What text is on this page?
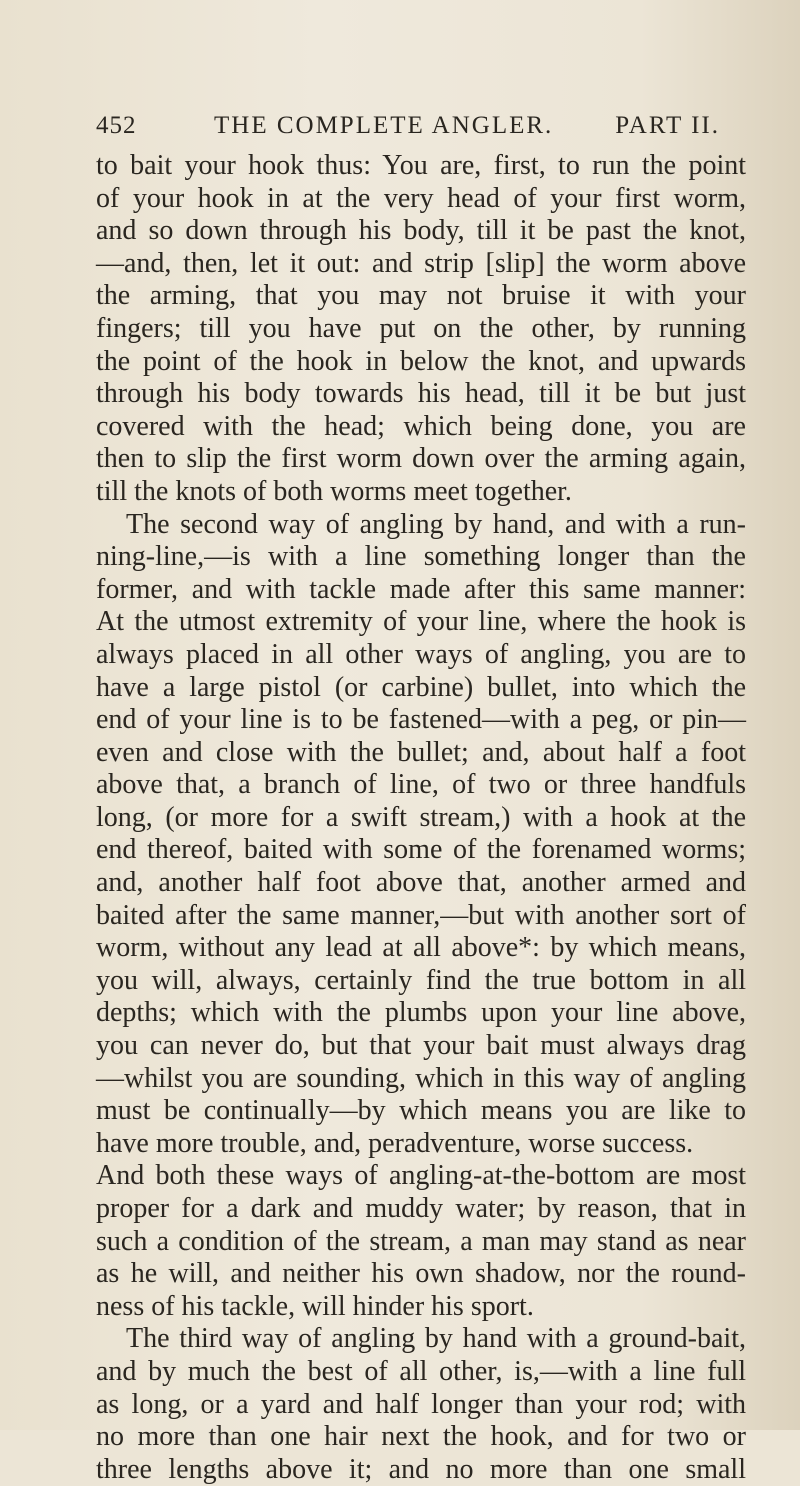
452	THE COMPLETE ANGLER. PART II.
to bait your hook thus: You are, first, to run the point
of your hook in at the very head of your first worm,
and so down through his body, till it be past the knot,
—and, then, let it out: and strip [slip] the worm above
the arming, that you may not bruise it with your
fingers; till you have put on the other, by running
the point of the hook in below the knot, and upwards
through his body towards his head, till it be but just
covered with the head; which being done, you are
then to slip the first worm down over the arming again,
till the knots of both worms meet together.
The second way of angling by hand, and with a run-
ning-line,—is with a line something longer than the
former, and with tackle made after this same manner:
At the utmost extremity of your line, where the hook is
always placed in all other ways of angling, you are to
have a large pistol (or carbine) bullet, into which the
end of your line is to be fastened—with a peg, or pin—
even and close with the bullet; and, about half a foot
above that, a branch of line, of two or three handfuls
long, (or more for a swift stream,) with a hook at the
end thereof, baited with some of the forenamed worms;
and, another half foot above that, another armed and
baited after the same manner,—but with another sort of
worm, without any lead at all above*: by which means,
you will, always, certainly find the true bottom in all
depths; which with the plumbs upon your line above,
you can never do, but that your bait must always drag
—whilst you are sounding, which in this way of angling
must be continually—by which means you are like to
have more trouble, and, peradventure, worse success.
And both these ways of angling-at-the-bottom are most
proper for a dark and muddy water; by reason, that in
such a condition of the stream, a man may stand as near
as he will, and neither his own shadow, nor the round-
ness of his tackle, will hinder his sport.
The third way of angling by hand with a ground-bait,
and by much the best of all other, is,—with a line full
as long, or a yard and half longer than your rod; with
no more than one hair next the hook, and for two or
three lengths above it; and no more than one small
